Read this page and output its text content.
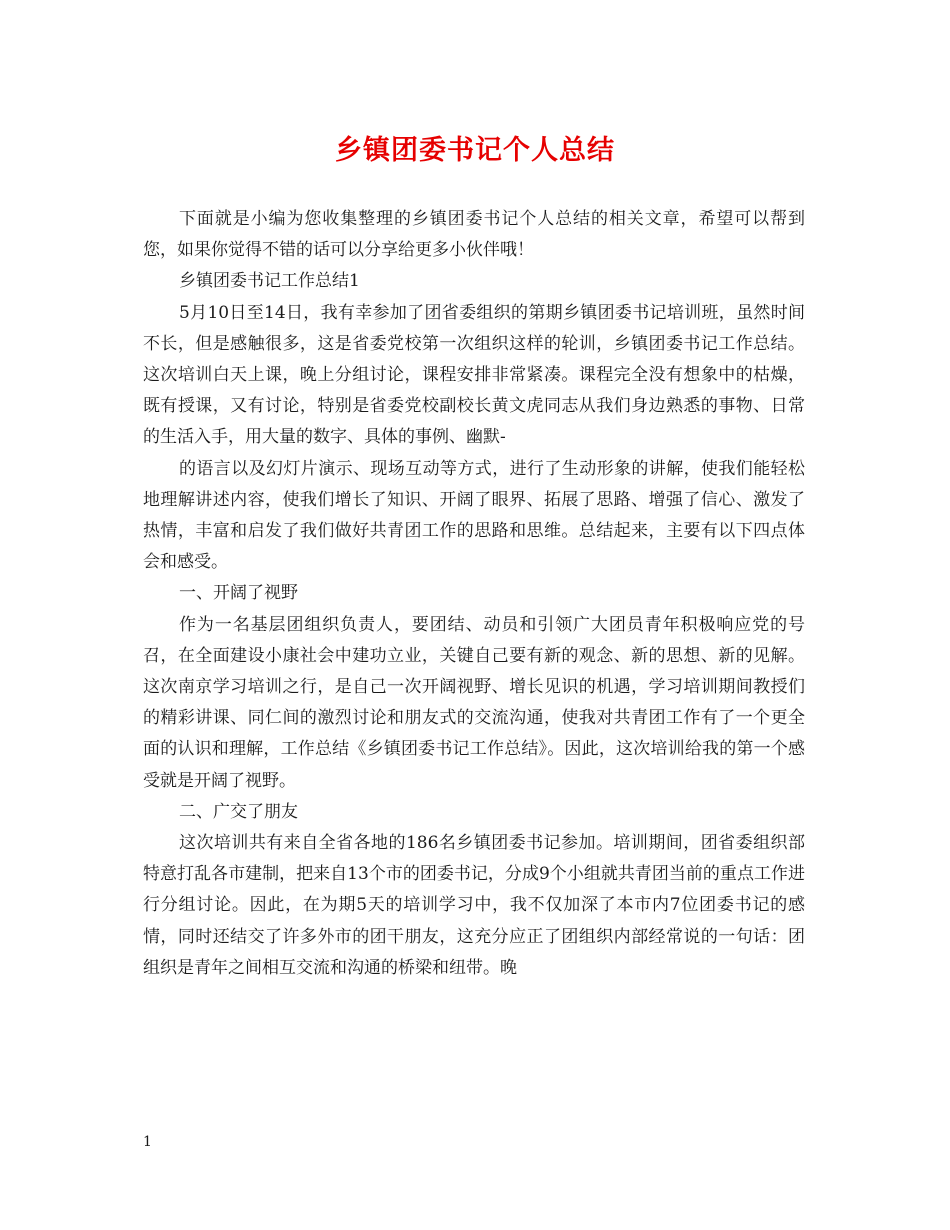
乡镇团委书记个人总结

下面就是小编为您收集整理的乡镇团委书记个人总结的相关文章，希望可以帮到您，如果你觉得不错的话可以分享给更多小伙伴哦！

乡镇团委书记工作总结1

5月10日至14日，我有幸参加了团省委组织的第期乡镇团委书记培训班，虽然时间不长，但是感触很多，这是省委党校第一次组织这样的轮训，乡镇团委书记工作总结。这次培训白天上课，晚上分组讨论，课程安排非常紧凑。课程完全没有想象中的枯燥，既有授课，又有讨论，特别是省委党校副校长黄文虎同志从我们身边熟悉的事物、日常的生活入手，用大量的数字、具体的事例、幽默-

的语言以及幻灯片演示、现场互动等方式，进行了生动形象的讲解，使我们能轻松地理解讲述内容，使我们增长了知识、开阔了眼界、拓展了思路、增强了信心、激发了热情，丰富和启发了我们做好共青团工作的思路和思维。总结起来，主要有以下四点体会和感受。

一、开阔了视野

作为一名基层团组织负责人，要团结、动员和引领广大团员青年积极响应党的号召，在全面建设小康社会中建功立业，关键自己要有新的观念、新的思想、新的见解。这次南京学习培训之行，是自己一次开阔视野、增长见识的机遇，学习培训期间教授们的精彩讲课、同仁间的激烈讨论和朋友式的交流沟通，使我对共青团工作有了一个更全面的认识和理解，工作总结《乡镇团委书记工作总结》。因此，这次培训给我的第一个感受就是开阔了视野。

二、广交了朋友

这次培训共有来自全省各地的186名乡镇团委书记参加。培训期间，团省委组织部特意打乱各市建制，把来自13个市的团委书记，分成9个小组就共青团当前的重点工作进行分组讨论。因此，在为期5天的培训学习中，我不仅加深了本市内7位团委书记的感情，同时还结交了许多外市的团干朋友，这充分应正了团组织内部经常说的一句话：团组织是青年之间相互交流和沟通的桥梁和纽带。晚

1
